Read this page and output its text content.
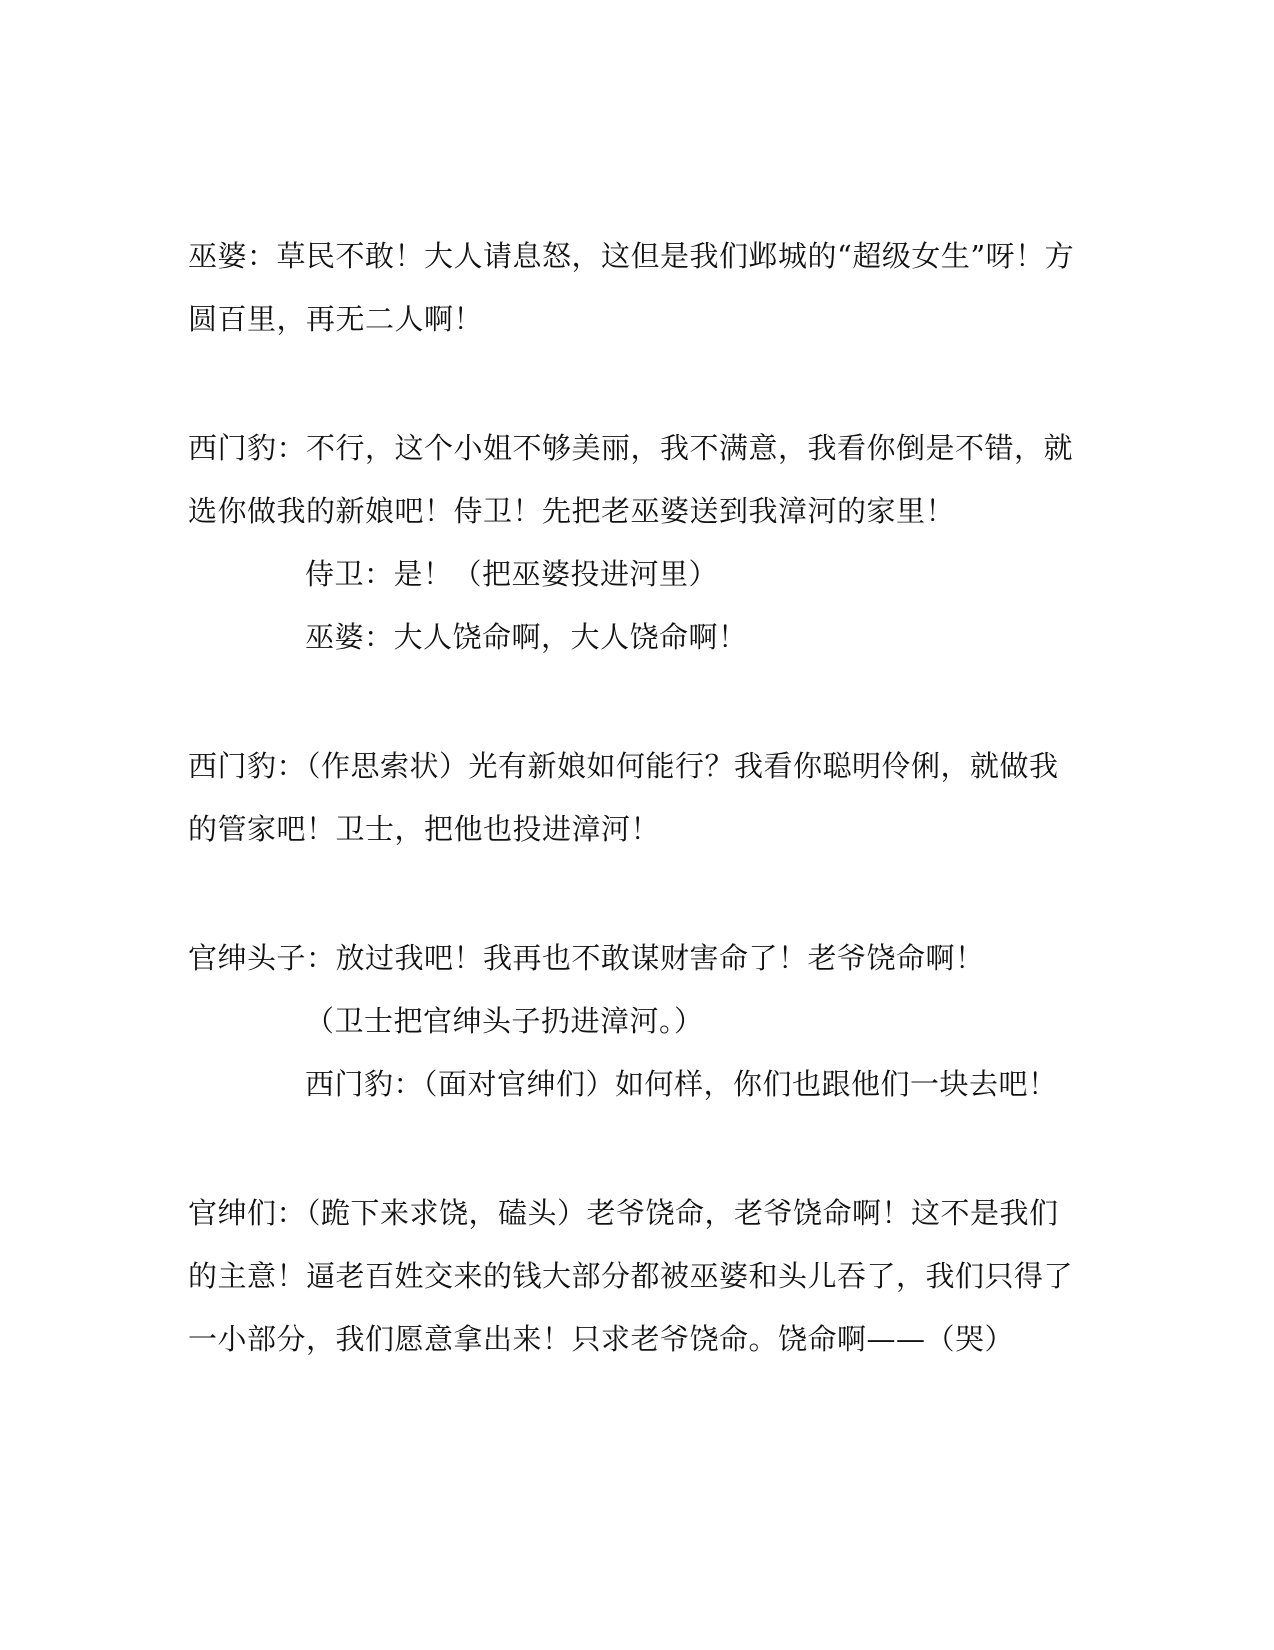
巫婆：草民不敢！大人请息怒，这但是我们邺城的“超级女生”呀！方
圆百里，再无二人啊！
西门豹：不行，这个小姐不够美丽，我不满意，我看你倒是不错，就
选你做我的新娘吧！侍卫！先把老巫婆送到我漳河的家里！
侍卫：是！（把巫婆投进河里）
巫婆：大人饶命啊，大人饶命啊！
西门豹：（作思索状）光有新娘如何能行？我看你聪明伶俐，就做我
的管家吧！卫士，把他也投进漳河！
官绅头子：放过我吧！我再也不敢谋财害命了！老爷饶命啊！
（卫士把官绅头子扔进漳河。）
西门豹：（面对官绅们）如何样，你们也跟他们一块去吧！
官绅们：（跪下来求饶，磕头）老爷饶命，老爷饶命啊！这不是我们
的主意！逼老百姓交来的钱大部分都被巫婆和头儿吞了，我们只得了
一小部分，我们愿意拿出来！只求老爷饶命。饶命啊——（哭）
